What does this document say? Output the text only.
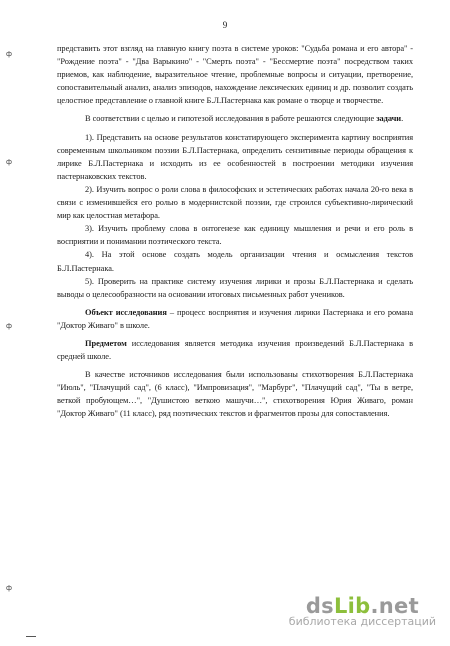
9
ф
ф
ф
ф

представить этот взгляд на главную книгу поэта в системе уроков: "Судьба романа и его автора" - "Рождение поэта" - "Два Варыкино" - "Смерть поэта" - "Бессмертие поэта" посредством таких приемов, как наблюдение, выразительное чтение, проблемные вопросы и ситуации, претворение, сопоставительный анализ, анализ эпизодов, нахождение лексических единиц и др. позволит создать целостное представление о главной книге Б.Л.Пастернака как романе о творце и творчестве.

В соответствии с целью и гипотезой исследования в работе решаются следующие задачи.

1). Представить на основе результатов констатирующего эксперимента картину восприятия современным школьником поэзии Б.Л.Пастернака, определить сензитивные периоды обращения к лирике Б.Л.Пастернака и исходить из ее особенностей в построении методики изучения пастернаковских текстов.

2). Изучить вопрос о роли слова в философских и эстетических работах начала 20-го века в связи с изменившейся его ролью в модернистской поэзии, где строился субъективно-лирический мир как целостная метафора.

3). Изучить проблему слова в онтогенезе как единицу мышления и речи и его роль в восприятии и понимании поэтического текста.

4). На этой основе создать модель организации чтения и осмысления текстов Б.Л.Пастернака.

5). Проверить на практике систему изучения лирики и прозы Б.Л.Пастернака и сделать выводы о целесообразности на основании итоговых письменных работ учеников.

Объект исследования – процесс восприятия и изучения лирики Пастернака и его романа "Доктор Живаго" в школе.

Предметом исследования является методика изучения произведений Б.Л.Пастернака в средней школе.

В качестве источников исследования были использованы стихотворения Б.Л.Пастернака "Июль", "Плачущий сад", (6 класс), "Импровизация", "Марбург", "Плачущий сад", "Ты в ветре, веткой пробующем…", "Душистою веткою машучи…", стихотворения Юрия Живаго, роман "Доктор Живаго" (11 класс), ряд поэтических текстов и фрагментов прозы для сопоставления.

dsLib.net
библиотека диссертаций
